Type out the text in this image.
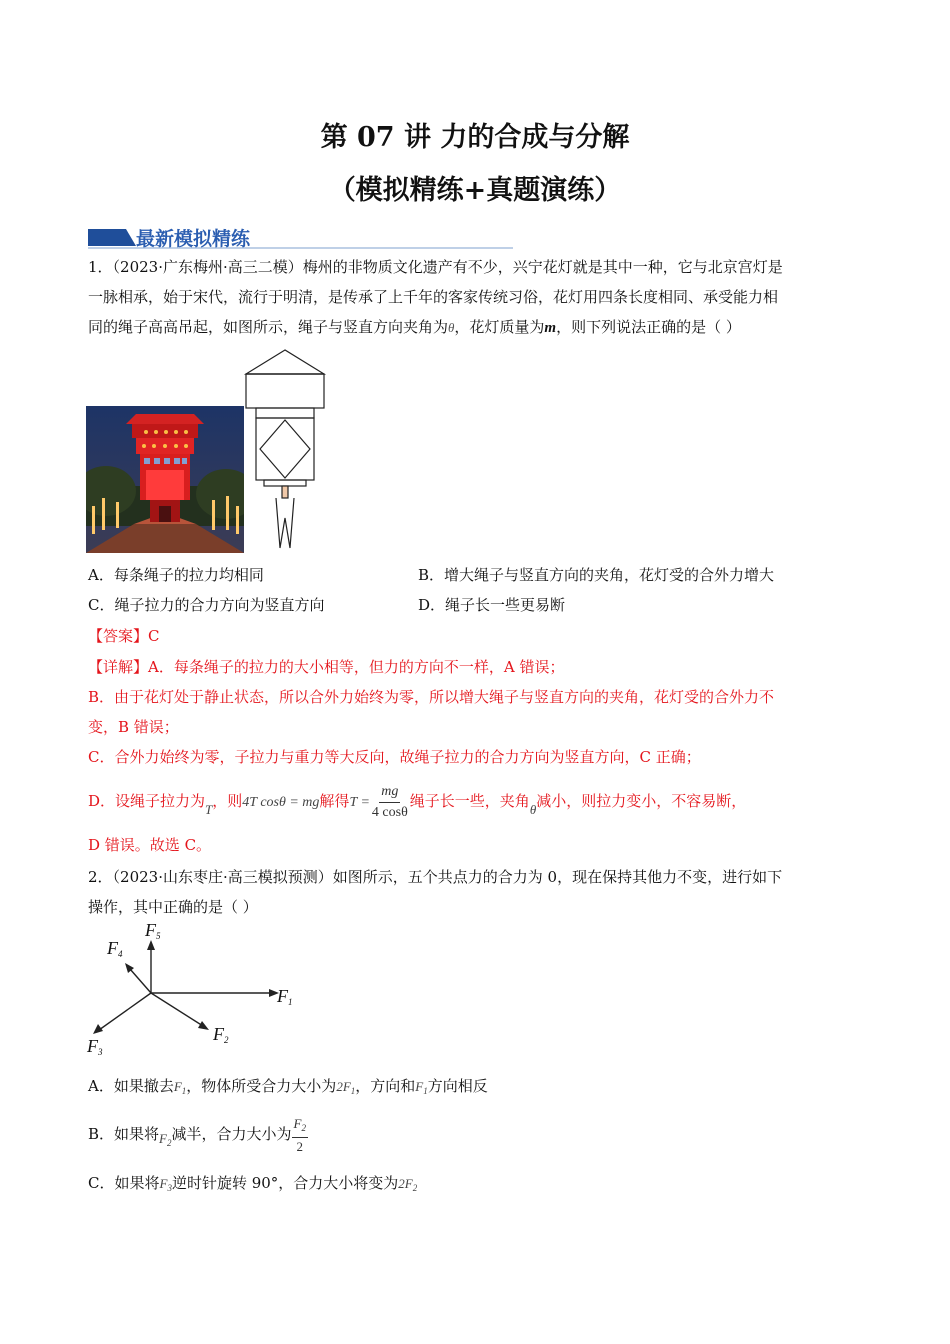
第 07 讲 力的合成与分解
（模拟精练+真题演练）
最新模拟精练
1．（2023·广东梅州·高三二模）梅州的非物质文化遗产有不少，兴宁花灯就是其中一种，它与北京宫灯是
一脉相承，始于宋代，流行于明清，是传承了上千年的客家传统习俗，花灯用四条长度相同、承受能力相
同的绳子高高吊起，如图所示，绳子与竖直方向夹角为θ，花灯质量为m，则下列说法正确的是（ ）
A．每条绳子的拉力均相同	B．增大绳子与竖直方向的夹角，花灯受的合外力增大
C．绳子拉力的合力方向为竖直方向	D．绳子长一些更易断
【答案】C
【详解】A．每条绳子的拉力的大小相等，但力的方向不一样，A 错误；
B．由于花灯处于静止状态，所以合外力始终为零，所以增大绳子与竖直方向的夹角，花灯受的合外力不
变，B 错误；
C．合外力始终为零，子拉力与重力等大反向，故绳子拉力的合力方向为竖直方向，C 正确；
D．设绳子拉力为T，则4T cosθ = mg解得$T = \frac{mg}{4 \cos\theta}$ 绳子长一些，夹角θ减小，则拉力变小，不容易断，
D 错误。故选 C。
2．（2023·山东枣庄·高三模拟预测）如图所示，五个共点力的合力为 0，现在保持其他力不变，进行如下
操作，其中正确的是（ ）
$F_1$
$F_2$
$F_3$
$F_4$
$F_5$
A．如果撤去$F_1$，物体所受合力大小为$2F_1$，方向和$F_1$方向相反
B．如果将$F_2$减半，合力大小为 $\frac{F_2}{2}$
C．如果将$F_3$逆时针旋转 90°，合力大小将变为$2F_2$
